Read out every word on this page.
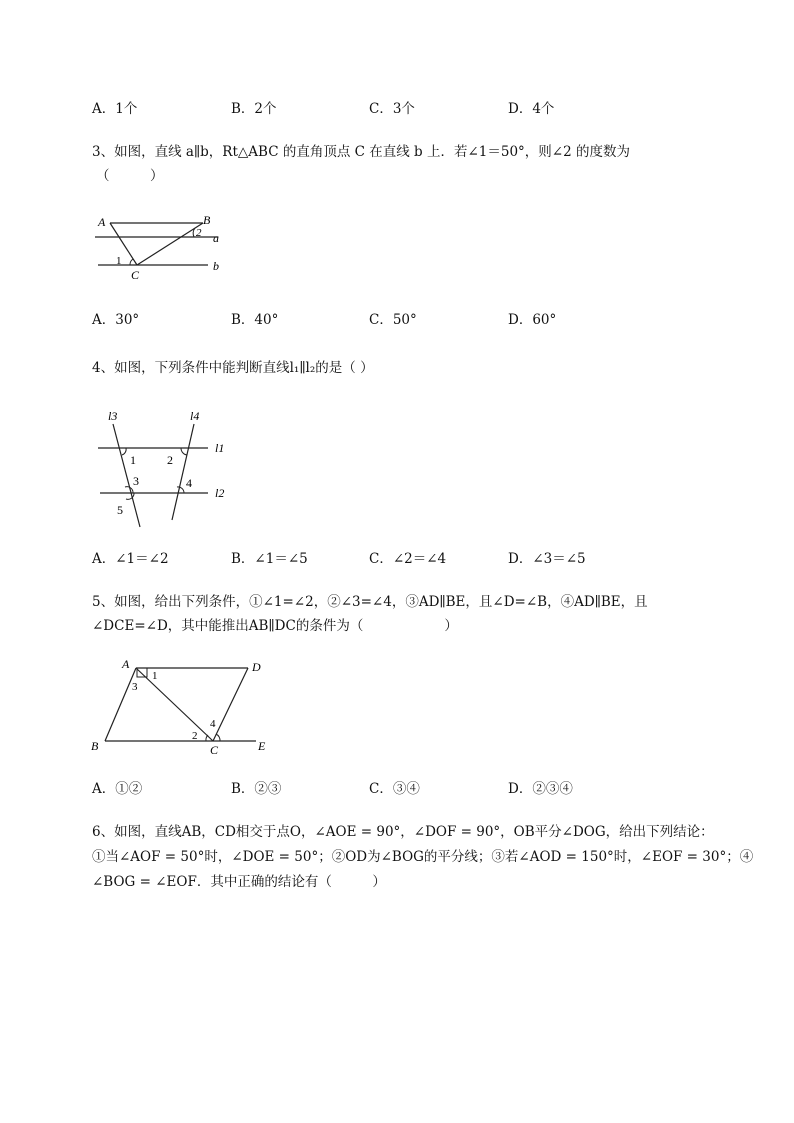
A．1个	B．2个	C．3个	D．4个
3、如图，直线 a∥b，Rt△ABC 的直角顶点 C 在直线 b 上．若∠1＝50°，则∠2 的度数为
（　　　）
A	B
2 a
1
C
b
A．30°	B．40°	C．50°	D．60°
4、如图，下列条件中能判断直线l₁∥l₂的是（ ）
l3	l4
l1
1	2
3	4
l2
5
A．∠1＝∠2	B．∠1＝∠5	C．∠2＝∠4	D．∠3＝∠5
5、如图，给出下列条件，①∠1=∠2，②∠3=∠4，③AD∥BE，且∠D=∠B，④AD∥BE，且
∠DCE=∠D，其中能推出AB∥DC的条件为（　　　　　　）
A	D
1
3
4
2
B	C	E
A．①②	B．②③	C．③④	D．②③④
6、如图，直线AB，CD相交于点O，∠AOE = 90°，∠DOF = 90°，OB平分∠DOG，给出下列结论：
①当∠AOF = 50°时，∠DOE = 50°；②OD为∠BOG的平分线；③若∠AOD = 150°时，∠EOF = 30°；④
∠BOG = ∠EOF．其中正确的结论有（　　　）
